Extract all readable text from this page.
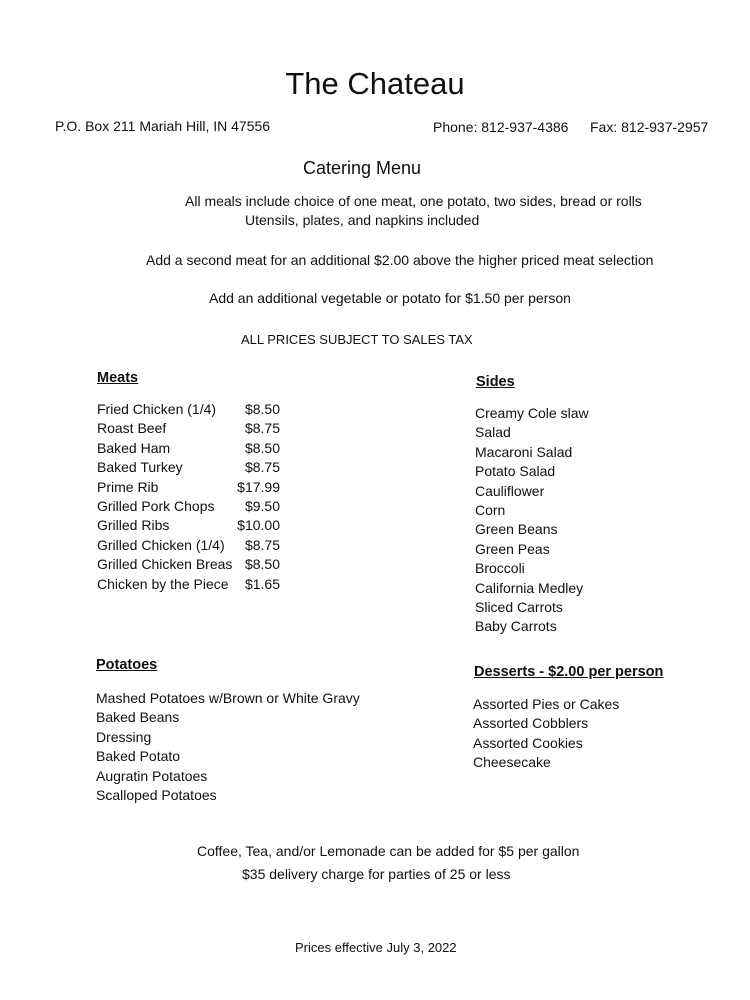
The Chateau
P.O. Box 211 Mariah Hill, IN 47556	Phone: 812-937-4386 Fax: 812-937-2957
Catering Menu
All meals include choice of one meat, one potato, two sides, bread or rolls
Utensils, plates, and napkins included
Add a second meat for an additional $2.00 above the higher priced meat selection
Add an additional vegetable or potato for $1.50 per person
ALL PRICES SUBJECT TO SALES TAX
Meats
Fried Chicken (1/4) $8.50
Roast Beef	$8.75
Baked Ham	$8.50
Baked Turkey	$8.75
Prime Rib	$17.99
Grilled Pork Chops $9.50
Grilled Ribs	$10.00
Grilled Chicken (1/4) $8.75
Grilled Chicken Breas $8.50
Chicken by the Piece $1.65
Sides
Creamy Cole slaw
Salad
Macaroni Salad
Potato Salad
Cauliflower
Corn
Green Beans
Green Peas
Broccoli
California Medley
Sliced Carrots
Baby Carrots
Potatoes
Mashed Potatoes w/Brown or White Gravy
Baked Beans
Dressing
Baked Potato
Augratin Potatoes
Scalloped Potatoes
Desserts - $2.00 per person
Assorted Pies or Cakes
Assorted Cobblers
Assorted Cookies
Cheesecake
Coffee, Tea, and/or Lemonade can be added for $5 per gallon
$35 delivery charge for parties of 25 or less
Prices effective July 3, 2022
